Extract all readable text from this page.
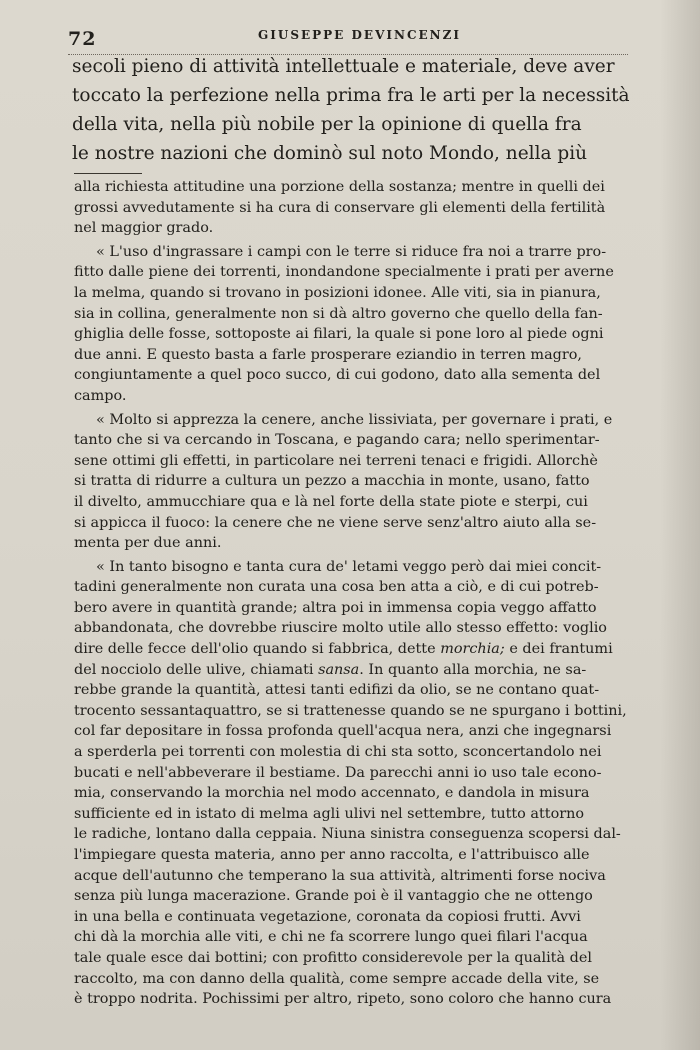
72	GIUSEPPE DEVINCENZI
secoli pieno di attività intellettuale e materiale, deve aver
toccato la perfezione nella prima fra le arti per la necessità
della vita, nella più nobile per la opinione di quella fra
le nostre nazioni che dominò sul noto Mondo, nella più
alla richiesta attitudine una porzione della sostanza; mentre in quelli dei
grossi avvedutamente si ha cura di conservare gli elementi della fertilità
nel maggior grado.
« L'uso d'ingrassare i campi con le terre si riduce fra noi a trarre pro-
fitto dalle piene dei torrenti, inondandone specialmente i prati per averne
la melma, quando si trovano in posizioni idonee. Alle viti, sia in pianura,
sia in collina, generalmente non si dà altro governo che quello della fan-
ghiglia delle fosse, sottoposte ai filari, la quale si pone loro al piede ogni
due anni. E questo basta a farle prosperare eziandio in terren magro,
congiuntamente a quel poco succo, di cui godono, dato alla sementa del
campo.
« Molto si apprezza la cenere, anche lissiviata, per governare i prati, e
tanto che si va cercando in Toscana, e pagando cara; nello sperimentar-
sene ottimi gli effetti, in particolare nei terreni tenaci e frigidi. Allorchè
si tratta di ridurre a cultura un pezzo a macchia in monte, usano, fatto
il divelto, ammucchiare qua e là nel forte della state piote e sterpi, cui
si appicca il fuoco: la cenere che ne viene serve senz'altro aiuto alla se-
menta per due anni.
« In tanto bisogno e tanta cura de' letami veggo però dai miei concit-
tadini generalmente non curata una cosa ben atta a ciò, e di cui potreb-
bero avere in quantità grande; altra poi in immensa copia veggo affatto
abbandonata, che dovrebbe riuscire molto utile allo stesso effetto: voglio
dire delle fecce dell'olio quando si fabbrica, dette morchia; e dei frantumi
del nocciolo delle ulive, chiamati sansa. In quanto alla morchia, ne sa-
rebbe grande la quantità, attesi tanti edifizi da olio, se ne contano quat-
trocento sessantaquattro, se si trattenesse quando se ne spurgano i bottini,
col far depositare in fossa profonda quell'acqua nera, anzi che ingegnarsi
a sperderla pei torrenti con molestia di chi sta sotto, sconcertandolo nei
bucati e nell'abbeverare il bestiame. Da parecchi anni io uso tale econo-
mia, conservando la morchia nel modo accennato, e dandola in misura
sufficiente ed in istato di melma agli ulivi nel settembre, tutto attorno
le radiche, lontano dalla ceppaia. Niuna sinistra conseguenza scopersi dal-
l'impiegare questa materia, anno per anno raccolta, e l'attribuisco alle
acque dell'autunno che temperano la sua attività, altrimenti forse nociva
senza più lunga macerazione. Grande poi è il vantaggio che ne ottengo
in una bella e continuata vegetazione, coronata da copiosi frutti. Avvi
chi dà la morchia alle viti, e chi ne fa scorrere lungo quei filari l'acqua
tale quale esce dai bottini; con profitto considerevole per la qualità del
raccolto, ma con danno della qualità, come sempre accade della vite, se
è troppo nodrita. Pochissimi per altro, ripeto, sono coloro che hanno cura
